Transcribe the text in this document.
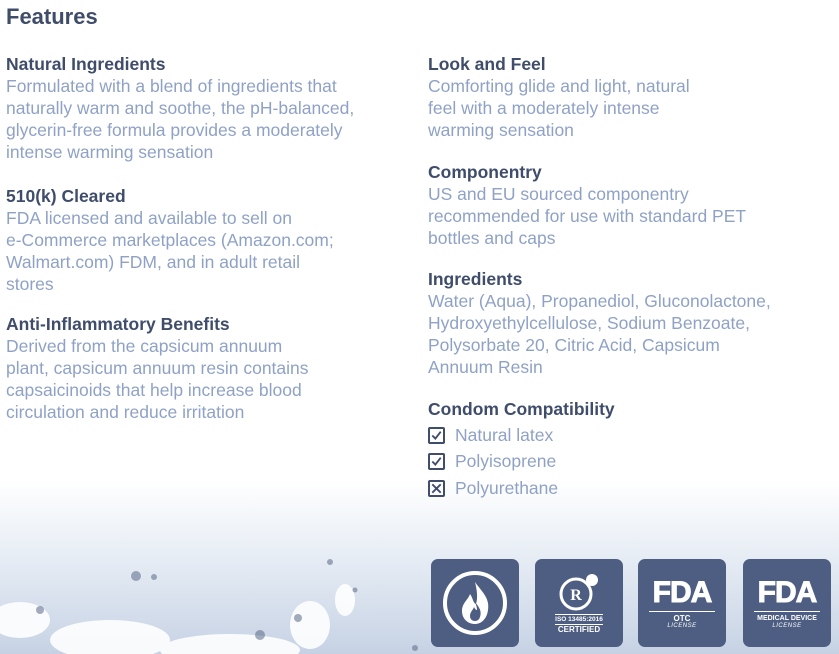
Features
Natural Ingredients
Formulated with a blend of ingredients that
naturally warm and soothe, the pH-balanced,
glycerin-free formula provides a moderately
intense warming sensation
510(k) Cleared
FDA licensed and available to sell on
e-Commerce marketplaces (Amazon.com;
Walmart.com) FDM, and in adult retail
stores
Anti-Inflammatory Benefits
Derived from the capsicum annuum
plant, capsicum annuum resin contains
capsaicinoids that help increase blood
circulation and reduce irritation
Look and Feel
Comforting glide and light, natural
feel with a moderately intense
warming sensation
Componentry
US and EU sourced componentry
recommended for use with standard PET
bottles and caps
Ingredients
Water (Aqua), Propanediol, Gluconolactone,
Hydroxyethylcellulose, Sodium Benzoate,
Polysorbate 20, Citric Acid, Capsicum
Annuum Resin
Condom Compatibility
Natural latex
Polyisoprene
Polyurethane
R
ISO 13485:2016
CERTIFIED
FDA
OTC
LICENSE
FDA
MEDICAL DEVICE
LICENSE
